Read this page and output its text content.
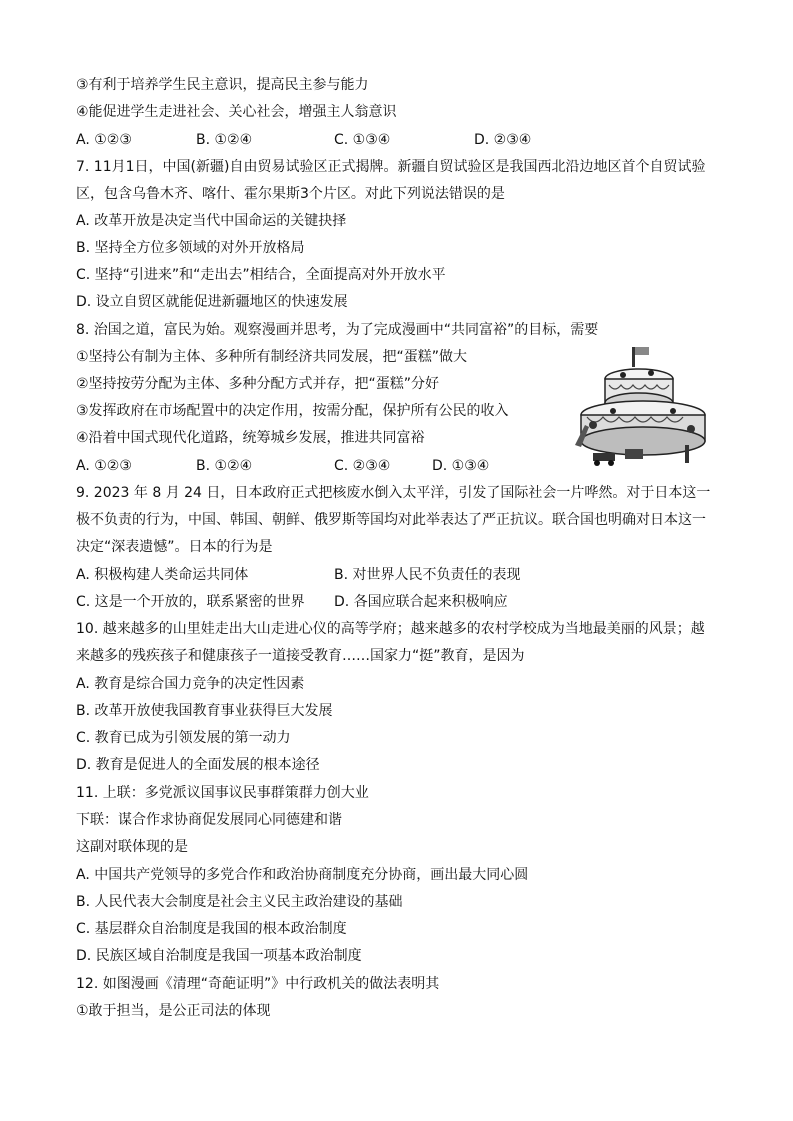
③有利于培养学生民主意识，提高民主参与能力
④能促进学生走进社会、关心社会，增强主人翁意识
A. ①②③	B. ①②④	C. ①③④	D. ②③④
7. 11月1日，中国(新疆)自由贸易试验区正式揭牌。新疆自贸试验区是我国西北沿边地区首个自贸试验
区，包含乌鲁木齐、喀什、霍尔果斯3个片区。对此下列说法错误的是
A. 改革开放是决定当代中国命运的关键抉择
B. 坚持全方位多领域的对外开放格局
C. 坚持“引进来”和“走出去”相结合，全面提高对外开放水平
D. 设立自贸区就能促进新疆地区的快速发展
8. 治国之道，富民为始。观察漫画并思考，为了完成漫画中“共同富裕”的目标，需要
①坚持公有制为主体、多种所有制经济共同发展，把“蛋糕”做大
②坚持按劳分配为主体、多种分配方式并存，把“蛋糕”分好
③发挥政府在市场配置中的决定作用，按需分配，保护所有公民的收入
④沿着中国式现代化道路，统筹城乡发展，推进共同富裕
A. ①②③	B. ①②④	C. ②③④	D. ①③④
9. 2023 年 8 月 24 日，日本政府正式把核废水倒入太平洋，引发了国际社会一片哗然。对于日本这一
极不负责的行为，中国、韩国、朝鲜、俄罗斯等国均对此举表达了严正抗议。联合国也明确对日本这一
决定“深表遗憾”。日本的行为是
A. 积极构建人类命运共同体	B. 对世界人民不负责任的表现
C. 这是一个开放的，联系紧密的世界 D. 各国应联合起来积极响应
10. 越来越多的山里娃走出大山走进心仪的高等学府；越来越多的农村学校成为当地最美丽的风景；越
来越多的残疾孩子和健康孩子一道接受教育……国家力“挺”教育，是因为
A. 教育是综合国力竞争的决定性因素
B. 改革开放使我国教育事业获得巨大发展
C. 教育已成为引领发展的第一动力
D. 教育是促进人的全面发展的根本途径
11. 上联：多党派议国事议民事群策群力创大业
下联：谋合作求协商促发展同心同德建和谐
这副对联体现的是
A. 中国共产党领导的多党合作和政治协商制度充分协商，画出最大同心圆
B. 人民代表大会制度是社会主义民主政治建设的基础
C. 基层群众自治制度是我国的根本政治制度
D. 民族区域自治制度是我国一项基本政治制度
12. 如图漫画《清理“奇葩证明”》中行政机关的做法表明其
①敢于担当，是公正司法的体现
